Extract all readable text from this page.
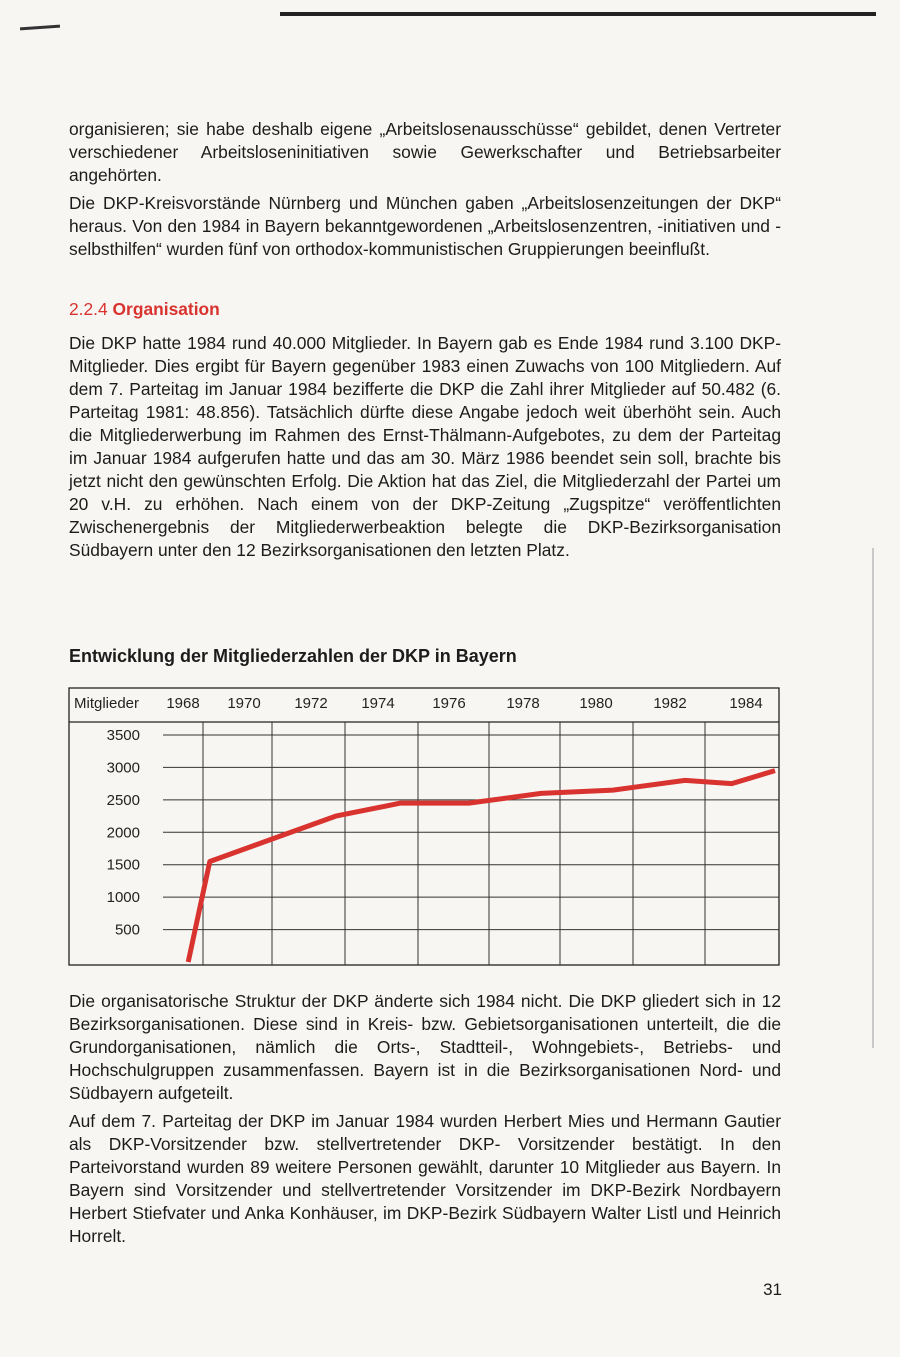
organisieren; sie habe deshalb eigene „Arbeitslosenausschüsse“ gebildet, denen Vertreter verschiedener Arbeitsloseninitiativen sowie Gewerkschafter und Betriebsarbeiter angehörten.

Die DKP-Kreisvorstände Nürnberg und München gaben „Arbeitslosenzeitungen der DKP“ heraus. Von den 1984 in Bayern bekanntgewordenen „Arbeitslosenzentren, -initiativen und -selbsthilfen“ wurden fünf von orthodox-kommunistischen Gruppierungen beeinflußt.

2.2.4 Organisation

Die DKP hatte 1984 rund 40.000 Mitglieder. In Bayern gab es Ende 1984 rund 3.100 DKP-Mitglieder. Dies ergibt für Bayern gegenüber 1983 einen Zuwachs von 100 Mitgliedern. Auf dem 7. Parteitag im Januar 1984 bezifferte die DKP die Zahl ihrer Mitglieder auf 50.482 (6. Parteitag 1981: 48.856). Tatsächlich dürfte diese Angabe jedoch weit überhöht sein. Auch die Mitgliederwerbung im Rahmen des Ernst-Thälmann-Aufgebotes, zu dem der Parteitag im Januar 1984 aufgerufen hatte und das am 30. März 1986 beendet sein soll, brachte bis jetzt nicht den gewünschten Erfolg. Die Aktion hat das Ziel, die Mitgliederzahl der Partei um 20 v.H. zu erhöhen. Nach einem von der DKP-Zeitung „Zugspitze“ veröffentlichten Zwischenergebnis der Mitgliederwerbeaktion belegte die DKP-Bezirksorganisation Südbayern unter den 12 Bezirksorganisationen den letzten Platz.

Entwicklung der Mitgliederzahlen der DKP in Bayern
Mitglieder 1968 1970 1972 1974	1976	1978	1980	1982	1984
3500
3000
2500
2000
1500
1000
500

Die organisatorische Struktur der DKP änderte sich 1984 nicht. Die DKP gliedert sich in 12 Bezirksorganisationen. Diese sind in Kreis- bzw. Gebietsorganisationen unterteilt, die die Grundorganisationen, nämlich die Orts-, Stadtteil-, Wohngebiets-, Betriebs- und Hochschulgruppen zusammenfassen. Bayern ist in die Bezirksorganisationen Nord- und Südbayern aufgeteilt.

Auf dem 7. Parteitag der DKP im Januar 1984 wurden Herbert Mies und Hermann Gautier als DKP-Vorsitzender bzw. stellvertretender DKP- Vorsitzender bestätigt. In den Parteivorstand wurden 89 weitere Personen gewählt, darunter 10 Mitglieder aus Bayern. In Bayern sind Vorsitzender und stellvertretender Vorsitzender im DKP-Bezirk Nordbayern Herbert Stiefvater und Anka Konhäuser, im DKP-Bezirk Südbayern Walter Listl und Heinrich Horrelt.

31
